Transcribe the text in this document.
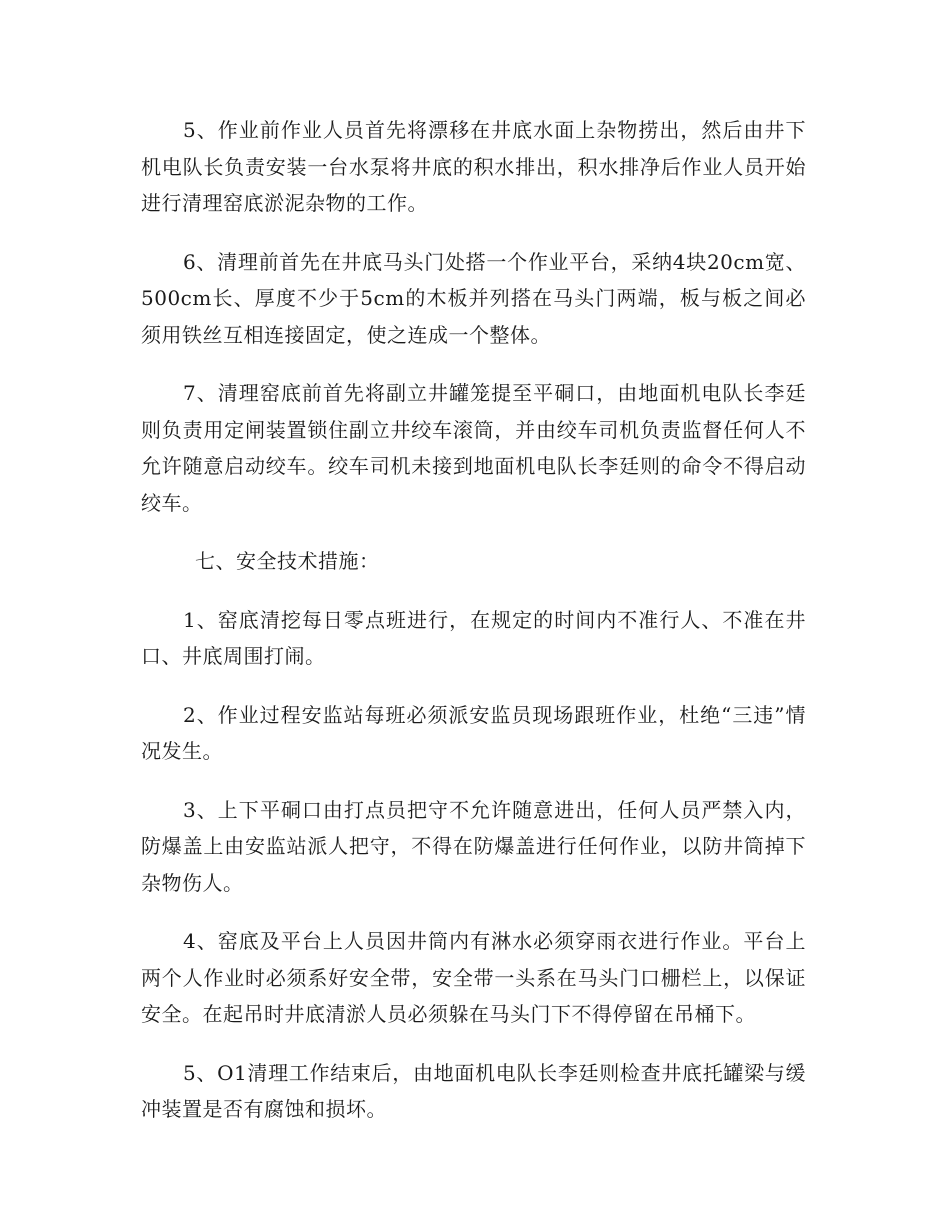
5、作业前作业人员首先将漂移在井底水面上杂物捞出，然后由井下机电队长负责安装一台水泵将井底的积水排出，积水排净后作业人员开始进行清理窑底淤泥杂物的工作。

6、清理前首先在井底马头门处搭一个作业平台，采纳4块20cm宽、500cm长、厚度不少于5cm的木板并列搭在马头门两端，板与板之间必须用铁丝互相连接固定，使之连成一个整体。

7、清理窑底前首先将副立井罐笼提至平硐口，由地面机电队长李廷则负责用定闸装置锁住副立井绞车滚筒，并由绞车司机负责监督任何人不允许随意启动绞车。绞车司机未接到地面机电队长李廷则的命令不得启动绞车。

七、安全技术措施：

1、窑底清挖每日零点班进行，在规定的时间内不准行人、不准在井口、井底周围打闹。

2、作业过程安监站每班必须派安监员现场跟班作业，杜绝“三违”情况发生。

3、上下平硐口由打点员把守不允许随意进出，任何人员严禁入内，防爆盖上由安监站派人把守，不得在防爆盖进行任何作业，以防井筒掉下杂物伤人。

4、窑底及平台上人员因井筒内有淋水必须穿雨衣进行作业。平台上两个人作业时必须系好安全带，安全带一头系在马头门口栅栏上，以保证安全。在起吊时井底清淤人员必须躲在马头门下不得停留在吊桶下。

5、O1清理工作结束后，由地面机电队长李廷则检查井底托罐梁与缓冲装置是否有腐蚀和损坏。
